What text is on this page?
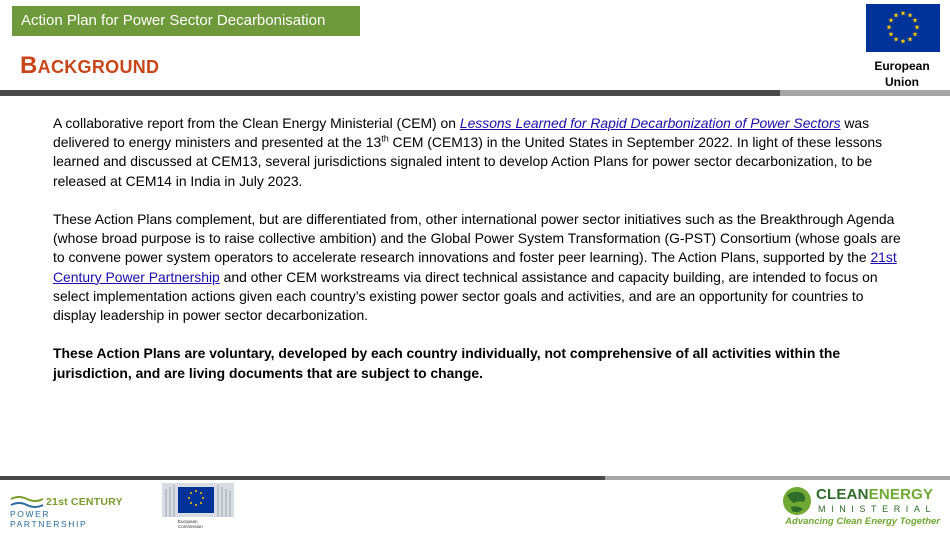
Action Plan for Power Sector Decarbonisation
BACKGROUND
★ ★
★
★
★
★
★
★
★
★
★
★
European
Union

A collaborative report from the Clean Energy Ministerial (CEM) on Lessons Learned for Rapid Decarbonization of Power Sectors was delivered to energy ministers and presented at the 13th CEM (CEM13) in the United States in September 2022. In light of these lessons learned and discussed at CEM13, several jurisdictions signaled intent to develop Action Plans for power sector decarbonization, to be released at CEM14 in India in July 2023.

These Action Plans complement, but are differentiated from, other international power sector initiatives such as the Breakthrough Agenda (whose broad purpose is to raise collective ambition) and the Global Power System Transformation (G-PST) Consortium (whose goals are to convene power system operators to accelerate research innovations and foster peer learning). The Action Plans, supported by the 21st Century Power Partnership and other CEM workstreams via direct technical assistance and capacity building, are intended to focus on select implementation actions given each country’s existing power sector goals and activities, and are an opportunity for countries to display leadership in power sector decarbonization.

These Action Plans are voluntary, developed by each country individually, not comprehensive of all activities within the jurisdiction, and are living documents that are subject to change.

21st CENTURY
POWER PARTNERSHIP	European
Commission
CLEANENERGY
MINISTERIAL
Advancing Clean Energy Together
